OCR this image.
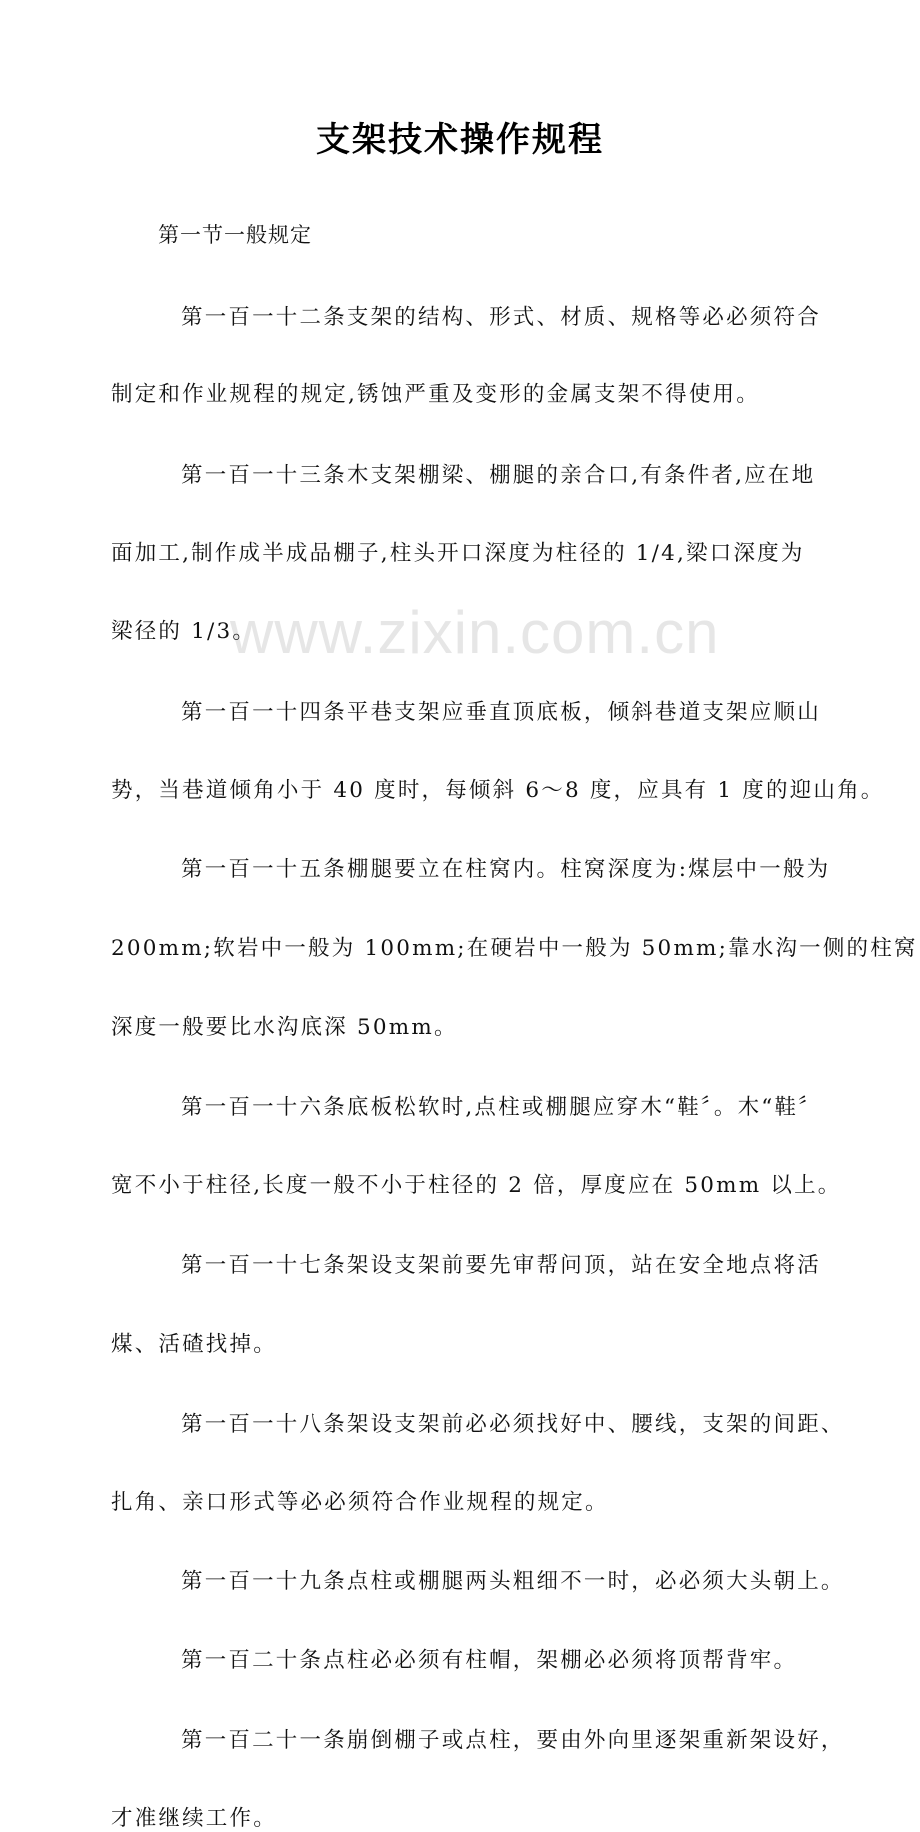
www.zixin.com.cn
支架技术操作规程
第一节一般规定
第一百一十二条支架的结构、形式、材质、规格等必必须符合
制定和作业规程的规定,锈蚀严重及变形的金属支架不得使用。
第一百一十三条木支架棚梁、棚腿的亲合口,有条件者,应在地
面加工,制作成半成品棚子,柱头开口深度为柱径的 1/4,梁口深度为
梁径的 1/3。
第一百一十四条平巷支架应垂直顶底板，倾斜巷道支架应顺山
势，当巷道倾角小于 40 度时，每倾斜 6～8 度，应具有 1 度的迎山角。
第一百一十五条棚腿要立在柱窝内。柱窝深度为:煤层中一般为
200mm;软岩中一般为 100mm;在硬岩中一般为 50mm;靠水沟一侧的柱窝
深度一般要比水沟底深 50mm。
第一百一十六条底板松软时,点柱或棚腿应穿木“鞋〞。木“鞋〞
宽不小于柱径,长度一般不小于柱径的 2 倍，厚度应在 50mm 以上。
第一百一十七条架设支架前要先审帮问顶，站在安全地点将活
煤、活碴找掉。
第一百一十八条架设支架前必必须找好中、腰线，支架的间距、
扎角、亲口形式等必必须符合作业规程的规定。
第一百一十九条点柱或棚腿两头粗细不一时，必必须大头朝上。
第一百二十条点柱必必须有柱帽，架棚必必须将顶帮背牢。
第一百二十一条崩倒棚子或点柱，要由外向里逐架重新架设好，
才准继续工作。
